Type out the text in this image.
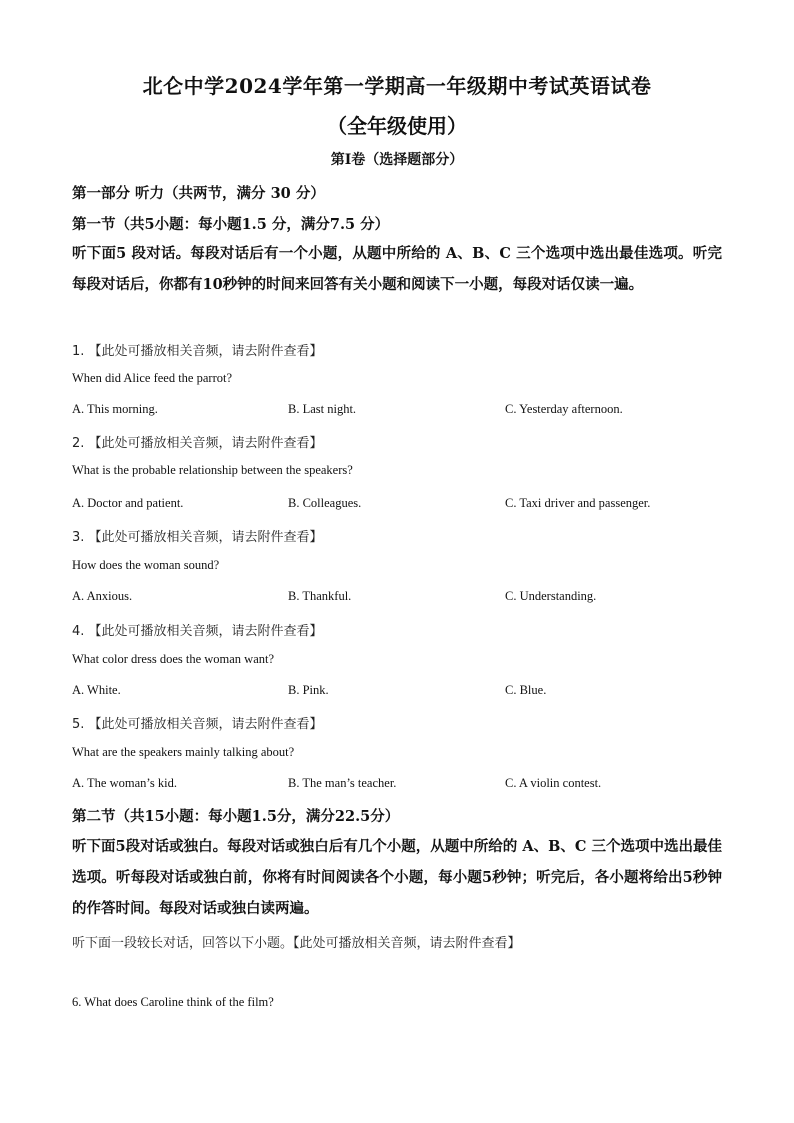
北仑中学2024学年第一学期高一年级期中考试英语试卷
（全年级使用）
第I卷（选择题部分）
第一部分 听力（共两节，满分 30 分）
第一节（共5小题：每小题1.5 分，满分7.5 分）
听下面5 段对话。每段对话后有一个小题，从题中所给的 A、B、C 三个选项中选出最佳选项。听完每段对话后，你都有10秒钟的时间来回答有关小题和阅读下一小题，每段对话仅读一遍。
1. 【此处可播放相关音频，请去附件查看】
When did Alice feed the parrot?
A. This morning.	B. Last night.	C. Yesterday afternoon.
2. 【此处可播放相关音频，请去附件查看】
What is the probable relationship between the speakers?
A. Doctor and patient.	B. Colleagues.	C. Taxi driver and passenger.
3. 【此处可播放相关音频，请去附件查看】
How does the woman sound?
A. Anxious.	B. Thankful.	C. Understanding.
4. 【此处可播放相关音频，请去附件查看】
What color dress does the woman want?
A. White.	B. Pink.	C. Blue.
5. 【此处可播放相关音频，请去附件查看】
What are the speakers mainly talking about?
A. The woman’s kid.	B. The man’s teacher.	C. A violin contest.
第二节（共15小题：每小题1.5分，满分22.5分）
听下面5段对话或独白。每段对话或独白后有几个小题，从题中所给的 A、B、C 三个选项中选出最佳选项。听每段对话或独白前，你将有时间阅读各个小题，每小题5秒钟；听完后，各小题将给出5秒钟的作答时间。每段对话或独白读两遍。
听下面一段较长对话，回答以下小题。【此处可播放相关音频，请去附件查看】
6. What does Caroline think of the film?
